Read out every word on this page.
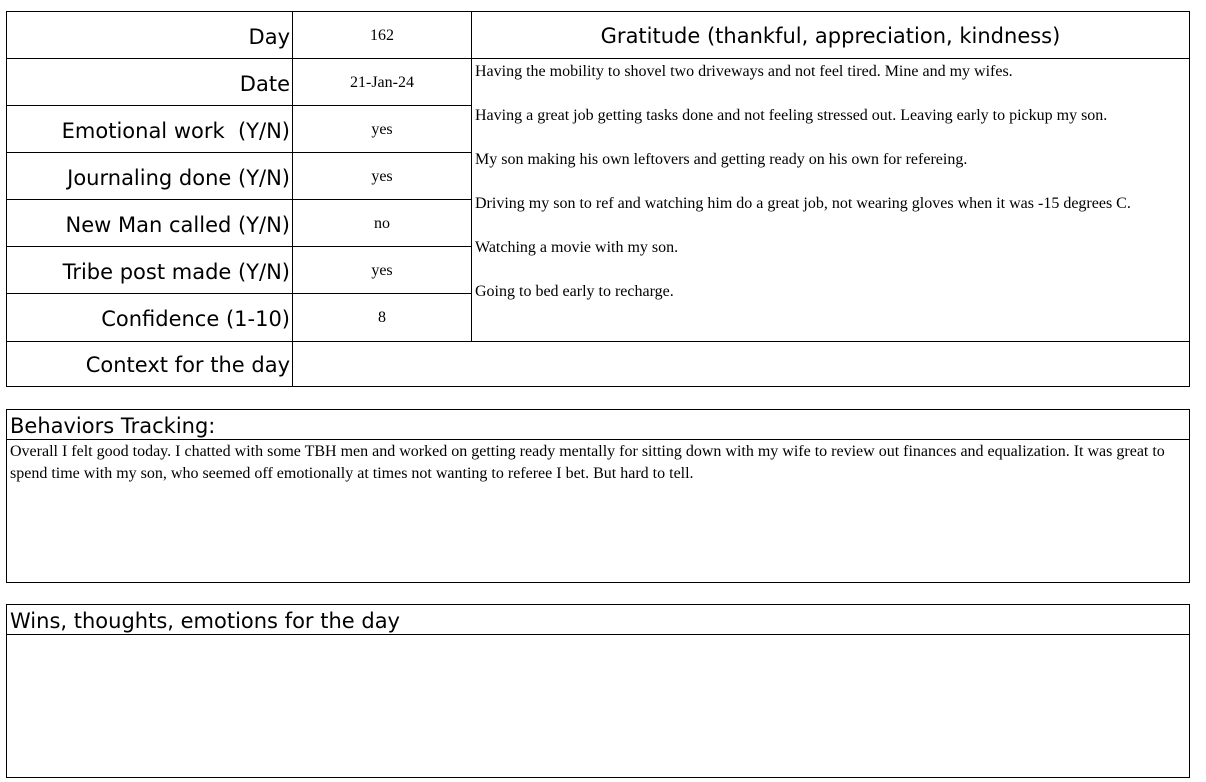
Day	162
Date	21-Jan-24
Emotional work  (Y/N)	yes
Journaling done (Y/N)	yes
New Man called (Y/N)	no
Tribe post made (Y/N)	yes
Confidence (1-10)	8
Gratitude (thankful, appreciation, kindness)
Having the mobility to shovel two driveways and not feel tired. Mine and my wifes.
Having a great job getting tasks done and not feeling stressed out. Leaving early to pickup my son.
My son making his own leftovers and getting ready on his own for refereing.
Driving my son to ref and watching him do a great job, not wearing gloves when it was -15 degrees C.
Watching a movie with my son.
Going to bed early to recharge.
Context for the day
Behaviors Tracking:
Overall I felt good today. I chatted with some TBH men and worked on getting ready mentally for sitting down with my wife to review out finances and equalization. It was great to spend time with my son, who seemed off emotionally at times not wanting to referee I bet. But hard to tell.
Wins, thoughts, emotions for the day
